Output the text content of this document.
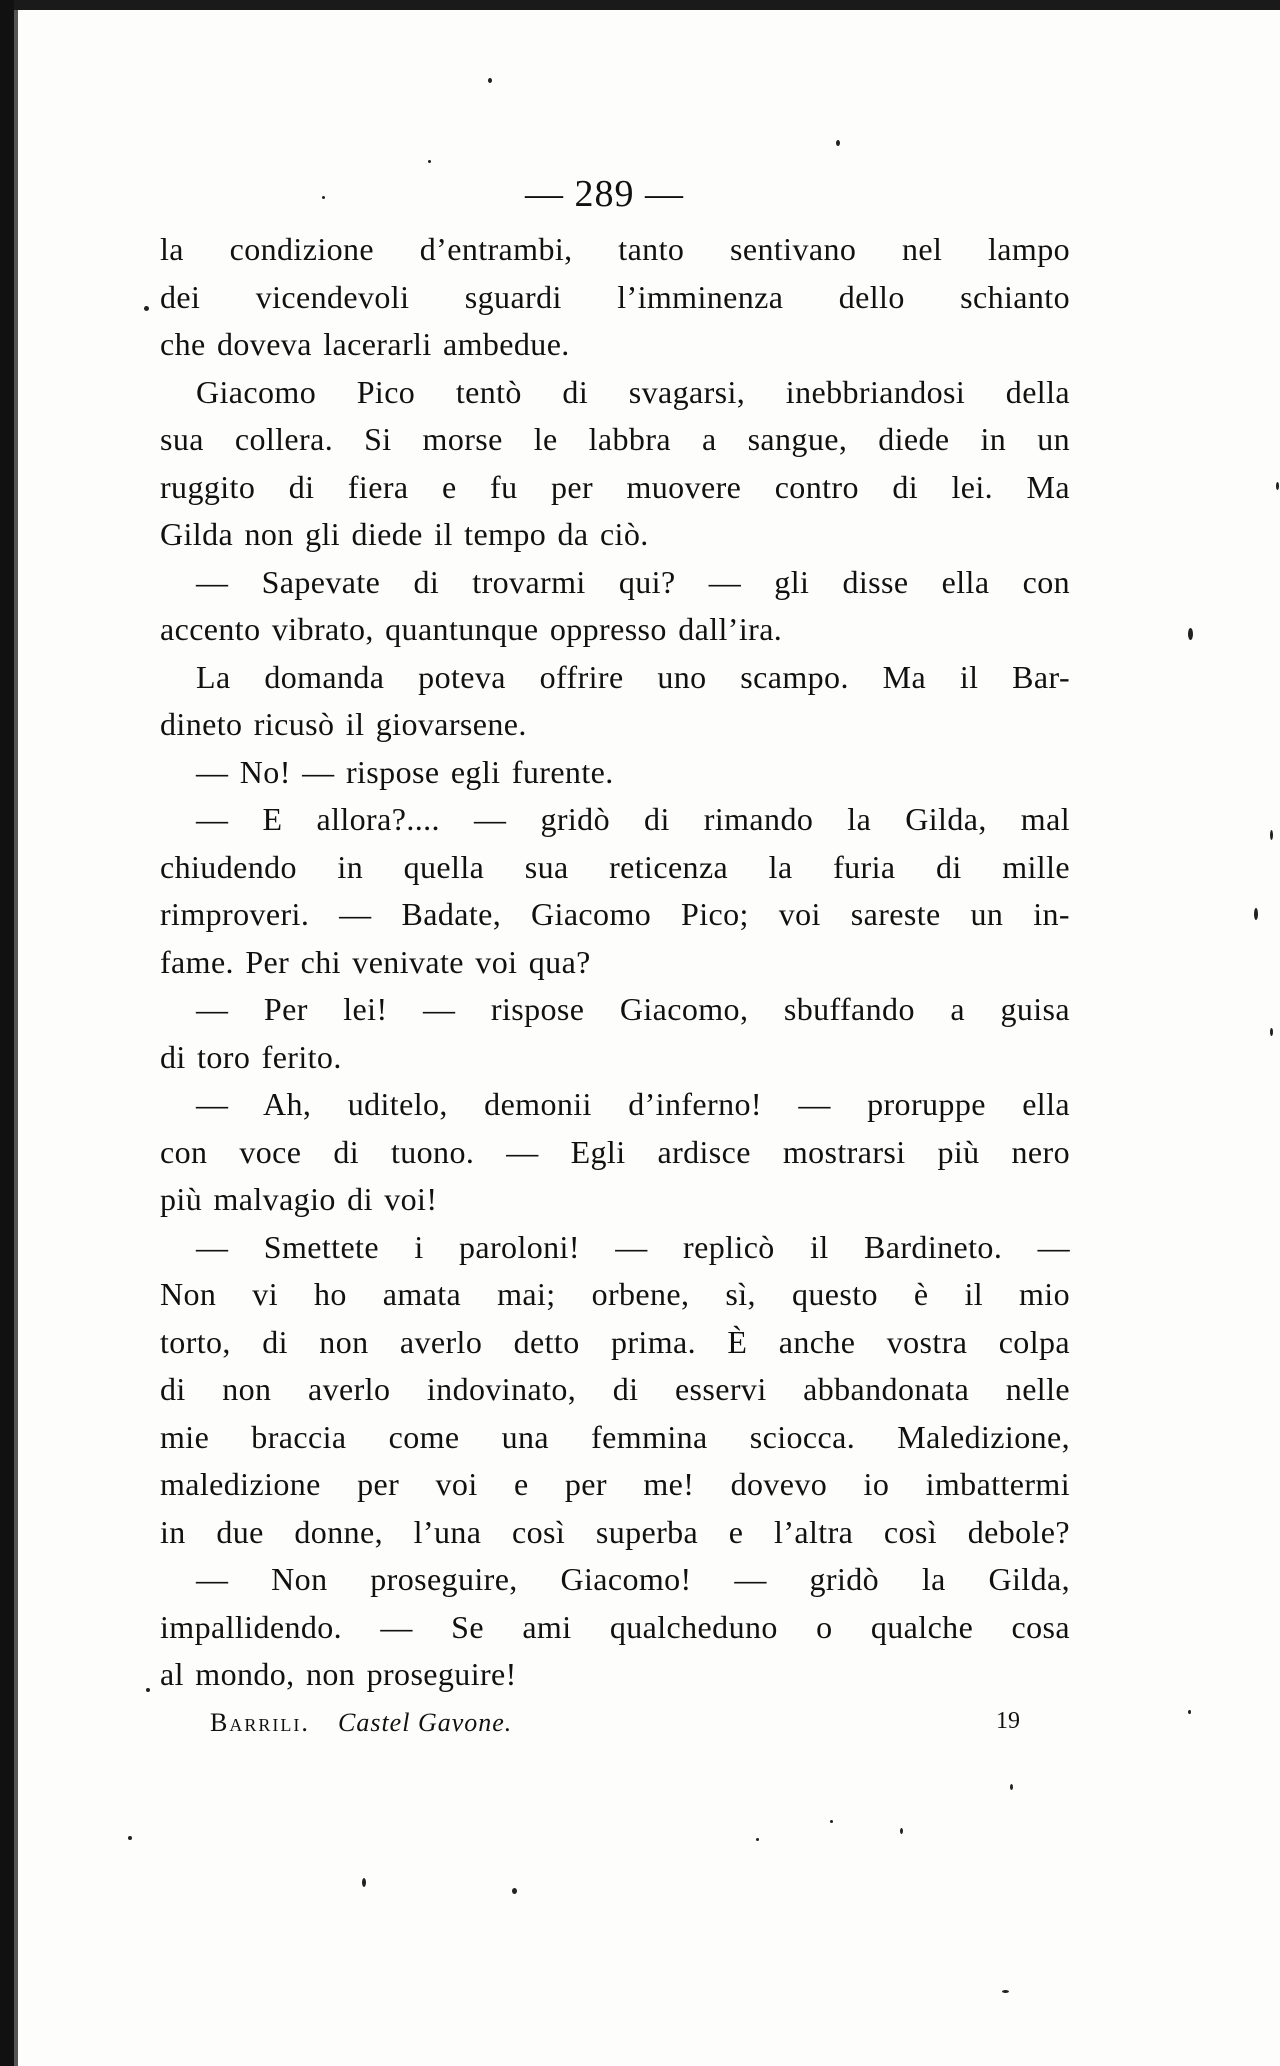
— 289 —
la condizione d’entrambi, tanto sentivano nel lampo
dei vicendevoli sguardi l’imminenza dello schianto
che doveva lacerarli ambedue.
Giacomo Pico tentò di svagarsi, inebbriandosi della
sua collera. Si morse le labbra a sangue, diede in un
ruggito di fiera e fu per muovere contro di lei. Ma
Gilda non gli diede il tempo da ciò.
— Sapevate di trovarmi qui? — gli disse ella con
accento vibrato, quantunque oppresso dall’ira.
La domanda poteva offrire uno scampo. Ma il Bar-
dineto ricusò il giovarsene.
— No! — rispose egli furente.
— E allora?.... — gridò di rimando la Gilda, mal
chiudendo in quella sua reticenza la furia di mille
rimproveri. — Badate, Giacomo Pico; voi sareste un in-
fame. Per chi venivate voi qua?
— Per lei! — rispose Giacomo, sbuffando a guisa
di toro ferito.
— Ah, uditelo, demonii d’inferno! — proruppe ella
con voce di tuono. — Egli ardisce mostrarsi più nero
più malvagio di voi!
— Smettete i paroloni! — replicò il Bardineto. —
Non vi ho amata mai; orbene, sì, questo è il mio
torto, di non averlo detto prima. È anche vostra colpa
di non averlo indovinato, di esservi abbandonata nelle
mie braccia come una femmina sciocca. Maledizione,
maledizione per voi e per me! dovevo io imbattermi
in due donne, l’una così superba e l’altra così debole?
— Non proseguire, Giacomo! — gridò la Gilda,
impallidendo. — Se ami qualcheduno o qualche cosa
al mondo, non proseguire!
Barrili. Castel Gavone.	19
